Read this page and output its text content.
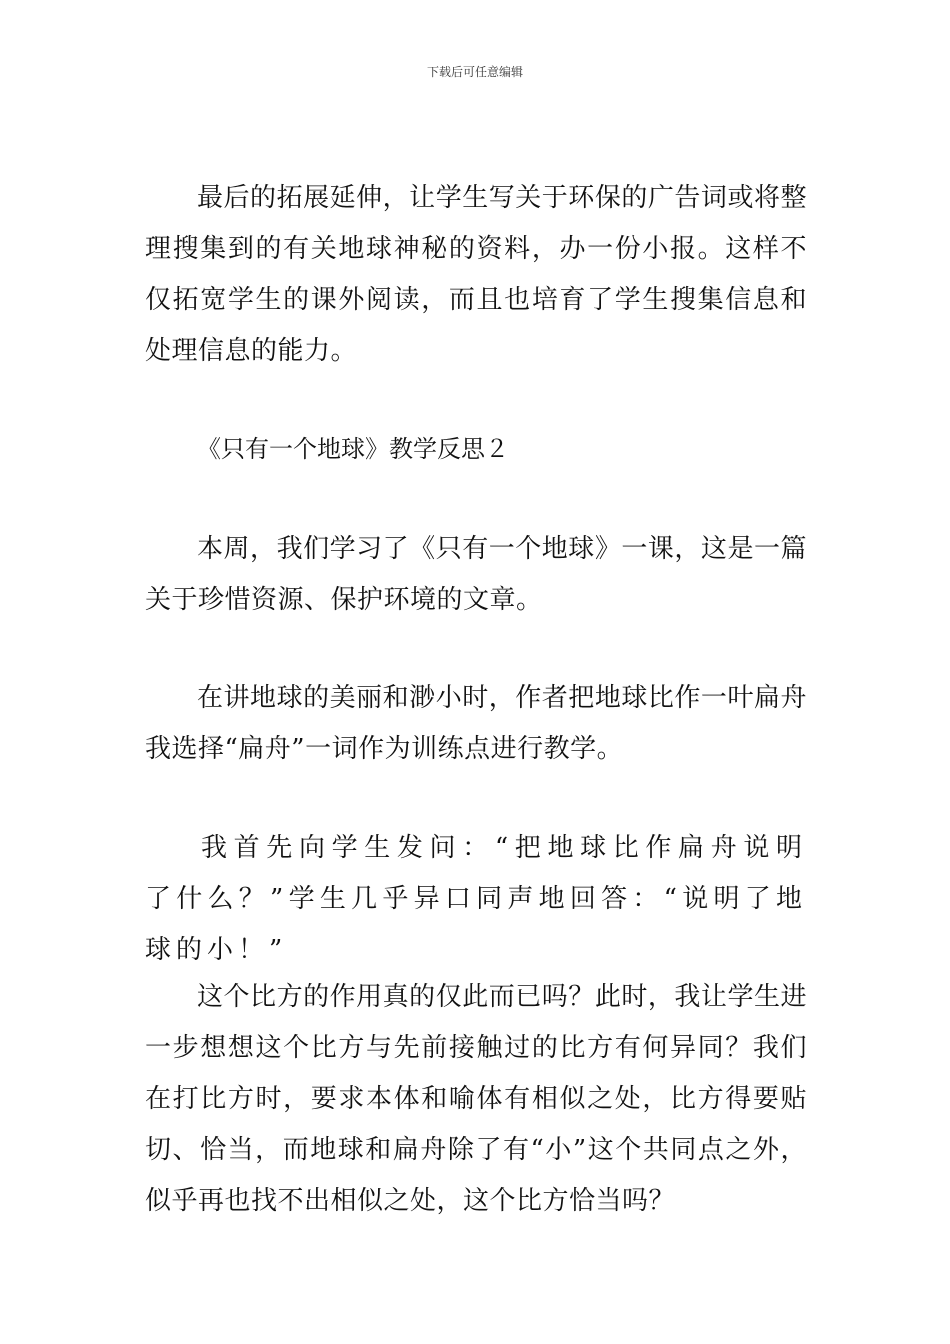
下载后可任意编辑

最后的拓展延伸，让学生写关于环保的广告词或将整理搜集到的有关地球神秘的资料，办一份小报。这样不仅拓宽学生的课外阅读，而且也培育了学生搜集信息和处理信息的能力。

《只有一个地球》教学反思２

本周，我们学习了《只有一个地球》一课，这是一篇关于珍惜资源、保护环境的文章。

在讲地球的美丽和渺小时，作者把地球比作一叶扁舟我选择“扁舟”一词作为训练点进行教学。

我首先向学生发问：“把地球比作扁舟说明了什么？”学生几乎异口同声地回答：“说明了地球的小！”

这个比方的作用真的仅此而已吗？此时，我让学生进一步想想这个比方与先前接触过的比方有何异同？我们在打比方时，要求本体和喻体有相似之处，比方得要贴切、恰当，而地球和扁舟除了有“小”这个共同点之外，似乎再也找不出相似之处，这个比方恰当吗？
